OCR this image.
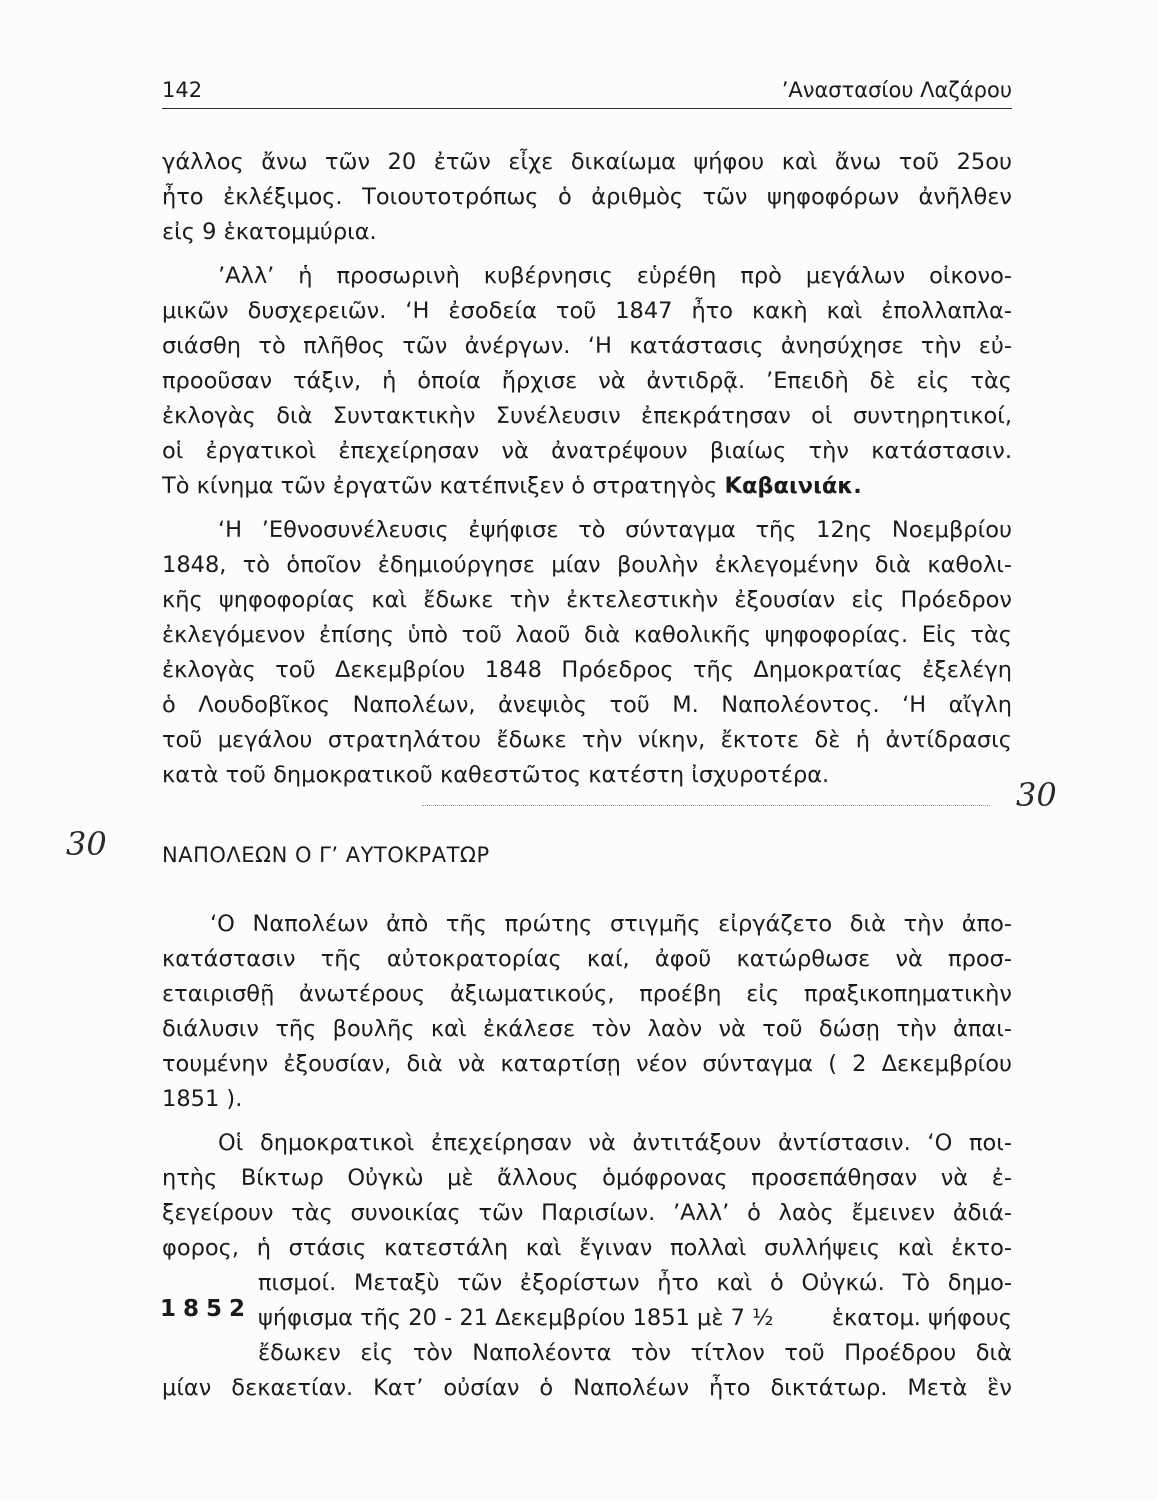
142	’Αναστασίου Λαζάρου
γάλλος ἄνω τῶν 20 ἐτῶν εἶχε δικαίωμα ψήφου καὶ ἄνω τοῦ 25ου
ἦτο ἐκλέξιμος. Τοιουτοτρόπως ὁ ἀριθμὸς τῶν ψηφοφόρων ἀνῆλθεν
εἰς 9 ἑκατομμύρια.
’Αλλ’ ἡ προσωρινὴ κυβέρνησις εὑρέθη πρὸ μεγάλων οἰκονο-
μικῶν δυσχερειῶν. ‘Η ἐσοδεία τοῦ 1847 ἦτο κακὴ καὶ ἐπολλαπλα-
σιάσθη τὸ πλῆθος τῶν ἀνέργων. ‘Η κατάστασις ἀνησύχησε τὴν εὐ-
προοῦσαν τάξιν, ἡ ὁποία ἤρχισε νὰ ἀντιδρᾷ. ’Επειδὴ δὲ εἰς τὰς
ἐκλογὰς διὰ Συντακτικὴν Συνέλευσιν ἐπεκράτησαν οἱ συντηρητικοί,
οἱ ἐργατικοὶ ἐπεχείρησαν νὰ ἀνατρέψουν βιαίως τὴν κατάστασιν.
Τὸ κίνημα τῶν ἐργατῶν κατέπνιξεν ὁ στρατηγὸς Καβαινιάκ.
‘Η ’Εθνοσυνέλευσις ἐψήφισε τὸ σύνταγμα τῆς 12ης Νοεμβρίου
1848, τὸ ὁποῖον ἐδημιούργησε μίαν βουλὴν ἐκλεγομένην διὰ καθολι-
κῆς ψηφοφορίας καὶ ἔδωκε τὴν ἐκτελεστικὴν ἐξουσίαν εἰς Πρόεδρον
ἐκλεγόμενον ἐπίσης ὑπὸ τοῦ λαοῦ διὰ καθολικῆς ψηφοφορίας. Εἰς τὰς
ἐκλογὰς τοῦ Δεκεμβρίου 1848 Πρόεδρος τῆς Δημοκρατίας ἐξελέγη
ὁ Λουδοβῖκος Ναπολέων, ἀνεψιὸς τοῦ Μ. Ναπολέοντος. ‘Η αἴγλη
τοῦ μεγάλου στρατηλάτου ἔδωκε τὴν νίκην, ἔκτοτε δὲ ἡ ἀντίδρασις
κατὰ τοῦ δημοκρατικοῦ καθεστῶτος κατέστη ἰσχυροτέρα.
30
30	ΝΑΠΟΛΕΩΝ Ο Γ’ ΑΥΤΟΚΡΑΤΩΡ
‘Ο Ναπολέων ἀπὸ τῆς πρώτης στιγμῆς εἰργάζετο διὰ τὴν ἀπο-
κατάστασιν τῆς αὐτοκρατορίας καί, ἀφοῦ κατώρθωσε νὰ προσ-
εταιρισθῇ ἀνωτέρους ἀξιωματικούς, προέβη εἰς πραξικοπηματικὴν
διάλυσιν τῆς βουλῆς καὶ ἐκάλεσε τὸν λαὸν νὰ τοῦ δώσῃ τὴν ἀπαι-
τουμένην ἐξουσίαν, διὰ νὰ καταρτίσῃ νέον σύνταγμα ( 2 Δεκεμβρίου
1851 ).
Οἱ δημοκρατικοὶ ἐπεχείρησαν νὰ ἀντιτάξουν ἀντίστασιν. ‘Ο ποι-
ητὴς Βίκτωρ Οὐγκὼ μὲ ἄλλους ὁμόφρονας προσεπάθησαν νὰ ἐ-
ξεγείρουν τὰς συνοικίας τῶν Παρισίων. ’Αλλ’ ὁ λαὸς ἔμεινεν ἀδιά-
φορος, ἡ στάσις κατεστάλη καὶ ἔγιναν πολλαὶ συλλήψεις καὶ ἐκτο-
πισμοί. Μεταξὺ τῶν ἐξορίστων ἦτο καὶ ὁ Οὐγκώ. Τὸ δημο-
1852 ψήφισμα τῆς 20 - 21 Δεκεμβρίου 1851 μὲ 7 ½	ἑκατομ. ψήφους
ἔδωκεν εἰς τὸν Ναπολέοντα τὸν τίτλον τοῦ Προέδρου διὰ
μίαν δεκαετίαν. Κατ’ οὐσίαν ὁ Ναπολέων ἦτο δικτάτωρ. Μετὰ ἓν
